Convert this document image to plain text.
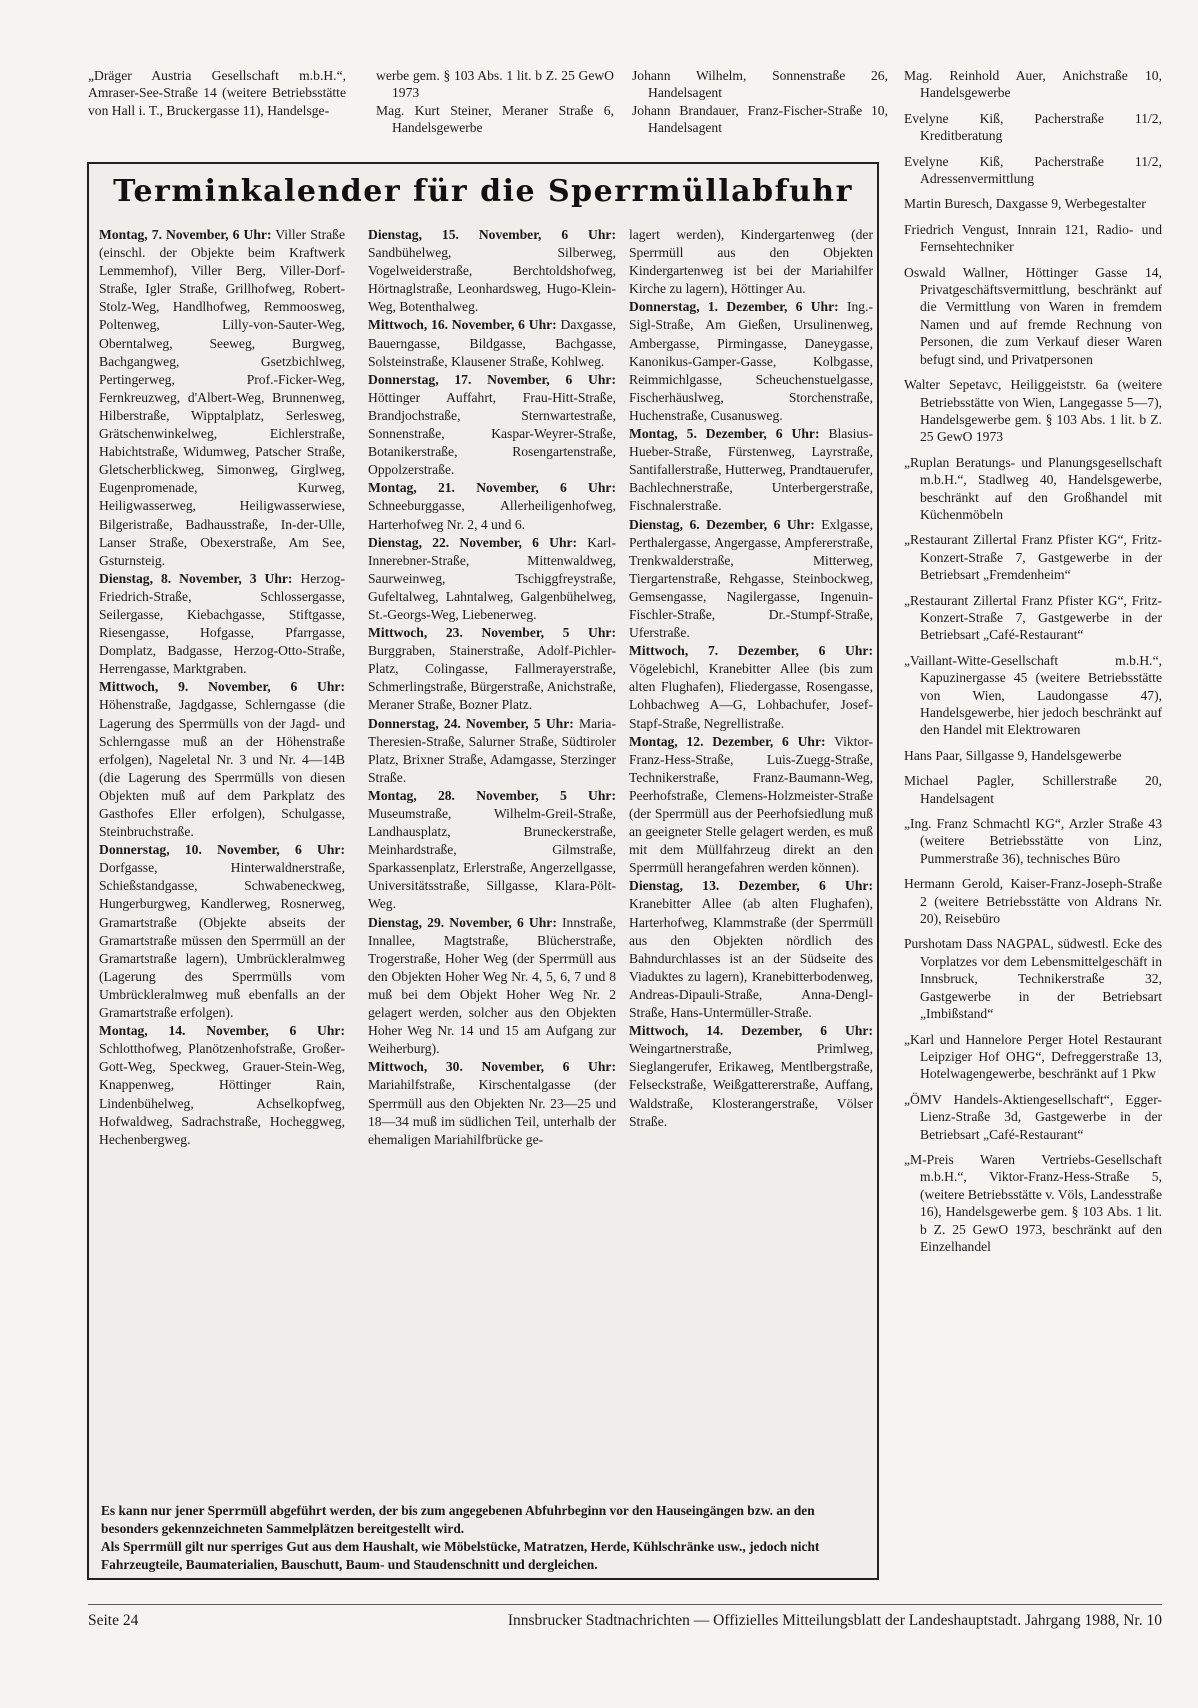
„Dräger Austria Gesellschaft m.b.H.“, Amraser-See-Straße 14 (weitere Betriebsstätte von Hall i. T., Bruckergasse 11), Handelsge-

werbe gem. § 103 Abs. 1 lit. b Z. 25 GewO 1973

Mag. Kurt Steiner, Meraner Straße 6, Handelsgewerbe

Johann Wilhelm, Sonnenstraße 26, Handelsagent

Johann Brandauer, Franz-Fischer-Straße 10, Handelsagent

Mag. Reinhold Auer, Anichstraße 10, Handelsgewerbe

Evelyne Kiß, Pacherstraße 11/2, Kreditberatung

Evelyne Kiß, Pacherstraße 11/2, Adressenvermittlung

Martin Buresch, Daxgasse 9, Werbegestalter

Friedrich Vengust, Innrain 121, Radio- und Fernsehtechniker

Oswald Wallner, Höttinger Gasse 14, Privatgeschäftsvermittlung, beschränkt auf die Vermittlung von Waren in fremdem Namen und auf fremde Rechnung von Personen, die zum Verkauf dieser Waren befugt sind, und Privatpersonen

Walter Sepetavc, Heiliggeiststr. 6a (weitere Betriebsstätte von Wien, Langegasse 5—7), Handelsgewerbe gem. § 103 Abs. 1 lit. b Z. 25 GewO 1973

„Ruplan Beratungs- und Planungsgesellschaft m.b.H.“, Stadlweg 40, Handelsgewerbe, beschränkt auf den Großhandel mit Küchenmöbeln

„Restaurant Zillertal Franz Pfister KG“, Fritz-Konzert-Straße 7, Gastgewerbe in der Betriebsart „Fremdenheim“

„Restaurant Zillertal Franz Pfister KG“, Fritz-Konzert-Straße 7, Gastgewerbe in der Betriebsart „Café-Restaurant“

„Vaillant-Witte-Gesellschaft m.b.H.“, Kapuzinergasse 45 (weitere Betriebsstätte von Wien, Laudongasse 47), Handelsgewerbe, hier jedoch beschränkt auf den Handel mit Elektrowaren

Hans Paar, Sillgasse 9, Handelsgewerbe

Michael Pagler, Schillerstraße 20, Handelsagent

„Ing. Franz Schmachtl KG“, Arzler Straße 43 (weitere Betriebsstätte von Linz, Pummerstraße 36), technisches Büro

Hermann Gerold, Kaiser-Franz-Joseph-Straße 2 (weitere Betriebsstätte von Aldrans Nr. 20), Reisebüro

Purshotam Dass NAGPAL, südwestl. Ecke des Vorplatzes vor dem Lebensmittelgeschäft in Innsbruck, Technikerstraße 32, Gastgewerbe in der Betriebsart „Imbißstand“

„Karl und Hannelore Perger Hotel Restaurant Leipziger Hof OHG“, Defreggerstraße 13, Hotelwagengewerbe, beschränkt auf 1 Pkw

„ÖMV Handels-Aktiengesellschaft“, Egger-Lienz-Straße 3d, Gastgewerbe in der Betriebsart „Café-Restaurant“

„M-Preis Waren Vertriebs-Gesellschaft m.b.H.“, Viktor-Franz-Hess-Straße 5, (weitere Betriebsstätte v. Völs, Landesstraße 16), Handelsgewerbe gem. § 103 Abs. 1 lit. b Z. 25 GewO 1973, beschränkt auf den Einzelhandel

Terminkalender für die Sperrmüllabfuhr

Montag, 7. November, 6 Uhr: Viller Straße (einschl. der Objekte beim Kraftwerk Lemmemhof), Viller Berg, Viller-Dorf-Straße, Igler Straße, Grillhofweg, Robert-Stolz-Weg, Handlhofweg, Remmoosweg, Poltenweg, Lilly-von-Sauter-Weg, Oberntalweg, Seeweg, Burgweg, Bachgangweg, Gsetzbichlweg, Pertingerweg, Prof.-Ficker-Weg, Fernkreuzweg, d'Albert-Weg, Brunnenweg, Hilberstraße, Wipptalplatz, Serlesweg, Grätschenwinkelweg, Eichlerstraße, Habichtstraße, Widumweg, Patscher Straße, Gletscherblickweg, Simonweg, Girglweg, Eugenpromenade, Kurweg, Heiligwasserweg, Heiligwasserwiese, Bilgeristraße, Badhausstraße, In-der-Ulle, Lanser Straße, Obexerstraße, Am See, Gsturnsteig.

Dienstag, 8. November, 3 Uhr: Herzog-Friedrich-Straße, Schlossergasse, Seilergasse, Kiebachgasse, Stiftgasse, Riesengasse, Hofgasse, Pfarrgasse, Domplatz, Badgasse, Herzog-Otto-Straße, Herrengasse, Marktgraben.

Mittwoch, 9. November, 6 Uhr: Höhenstraße, Jagdgasse, Schlerngasse (die Lagerung des Sperrmülls von der Jagd- und Schlerngasse muß an der Höhenstraße erfolgen), Nageletal Nr. 3 und Nr. 4—14B (die Lagerung des Sperrmülls von diesen Objekten muß auf dem Parkplatz des Gasthofes Eller erfolgen), Schulgasse, Steinbruchstraße.

Donnerstag, 10. November, 6 Uhr: Dorfgasse, Hinterwaldnerstraße, Schießstandgasse, Schwabeneckweg, Hungerburgweg, Kandlerweg, Rosnerweg, Gramartstraße (Objekte abseits der Gramartstraße müssen den Sperrmüll an der Gramartstraße lagern), Umbrückleralmweg (Lagerung des Sperrmülls vom Umbrückleralmweg muß ebenfalls an der Gramartstraße erfolgen).

Montag, 14. November, 6 Uhr: Schlotthofweg, Planötzenhofstraße, Großer-Gott-Weg, Speckweg, Grauer-Stein-Weg, Knappenweg, Höttinger Rain, Lindenbühelweg, Achselkopfweg, Hofwaldweg, Sadrachstraße, Hocheggweg, Hechenbergweg.

Dienstag, 15. November, 6 Uhr: Sandbühelweg, Silberweg, Vogelweiderstraße, Berchtoldshofweg, Hörtnaglstraße, Leonhardsweg, Hugo-Klein-Weg, Botenthalweg.

Mittwoch, 16. November, 6 Uhr: Daxgasse, Bauerngasse, Bildgasse, Bachgasse, Solsteinstraße, Klausener Straße, Kohlweg.

Donnerstag, 17. November, 6 Uhr: Höttinger Auffahrt, Frau-Hitt-Straße, Brandjochstraße, Sternwartestraße, Sonnenstraße, Kaspar-Weyrer-Straße, Botanikerstraße, Rosengartenstraße, Oppolzerstraße.

Montag, 21. November, 6 Uhr: Schneeburggasse, Allerheiligenhofweg, Harterhofweg Nr. 2, 4 und 6.

Dienstag, 22. November, 6 Uhr: Karl-Innerebner-Straße, Mittenwaldweg, Saurweinweg, Tschiggfreystraße, Gufeltalweg, Lahntalweg, Galgenbühelweg, St.-Georgs-Weg, Liebenerweg.

Mittwoch, 23. November, 5 Uhr: Burggraben, Stainerstraße, Adolf-Pichler-Platz, Colingasse, Fallmerayerstraße, Schmerlingstraße, Bürgerstraße, Anichstraße, Meraner Straße, Bozner Platz.

Donnerstag, 24. November, 5 Uhr: Maria-Theresien-Straße, Salurner Straße, Südtiroler Platz, Brixner Straße, Adamgasse, Sterzinger Straße.

Montag, 28. November, 5 Uhr: Museumstraße, Wilhelm-Greil-Straße, Landhausplatz, Bruneckerstraße, Meinhardstraße, Gilmstraße, Sparkassenplatz, Erlerstraße, Angerzellgasse, Universitätsstraße, Sillgasse, Klara-Pölt-Weg.

Dienstag, 29. November, 6 Uhr: Innstraße, Innallee, Magtstraße, Blücherstraße, Trogerstraße, Hoher Weg (der Sperrmüll aus den Objekten Hoher Weg Nr. 4, 5, 6, 7 und 8 muß bei dem Objekt Hoher Weg Nr. 2 gelagert werden, solcher aus den Objekten Hoher Weg Nr. 14 und 15 am Aufgang zur Weiherburg).

Mittwoch, 30. November, 6 Uhr: Mariahilfstraße, Kirschentalgasse (der Sperrmüll aus den Objekten Nr. 23—25 und 18—34 muß im südlichen Teil, unterhalb der ehemaligen Mariahilfbrücke ge-

lagert werden), Kindergartenweg (der Sperrmüll aus den Objekten Kindergartenweg ist bei der Mariahilfer Kirche zu lagern), Höttinger Au.

Donnerstag, 1. Dezember, 6 Uhr: Ing.-Sigl-Straße, Am Gießen, Ursulinenweg, Ambergasse, Pirmingasse, Daneygasse, Kanonikus-Gamper-Gasse, Kolbgasse, Reimmichlgasse, Scheuchenstuelgasse, Fischerhäuslweg, Storchenstraße, Huchenstraße, Cusanusweg.

Montag, 5. Dezember, 6 Uhr: Blasius-Hueber-Straße, Fürstenweg, Layrstraße, Santifallerstraße, Hutterweg, Prandtauerufer, Bachlechnerstraße, Unterbergerstraße, Fischnalerstraße.

Dienstag, 6. Dezember, 6 Uhr: Exlgasse, Perthalergasse, Angergasse, Ampfererstraße, Trenkwalderstraße, Mitterweg, Tiergartenstraße, Rehgasse, Steinbockweg, Gemsengasse, Nagilergasse, Ingenuin-Fischler-Straße, Dr.-Stumpf-Straße, Uferstraße.

Mittwoch, 7. Dezember, 6 Uhr: Vögelebichl, Kranebitter Allee (bis zum alten Flughafen), Fliedergasse, Rosengasse, Lohbachweg A—G, Lohbachufer, Josef-Stapf-Straße, Negrellistraße.

Montag, 12. Dezember, 6 Uhr: Viktor-Franz-Hess-Straße, Luis-Zuegg-Straße, Technikerstraße, Franz-Baumann-Weg, Peerhofstraße, Clemens-Holzmeister-Straße (der Sperrmüll aus der Peerhofsiedlung muß an geeigneter Stelle gelagert werden, es muß mit dem Müllfahrzeug direkt an den Sperrmüll herangefahren werden können).

Dienstag, 13. Dezember, 6 Uhr: Kranebitter Allee (ab alten Flughafen), Harterhofweg, Klammstraße (der Sperrmüll aus den Objekten nördlich des Bahndurchlasses ist an der Südseite des Viaduktes zu lagern), Kranebitterbodenweg, Andreas-Dipauli-Straße, Anna-Dengl-Straße, Hans-Untermüller-Straße.

Mittwoch, 14. Dezember, 6 Uhr: Weingartnerstraße, Primlweg, Sieglangerufer, Erikaweg, Mentlbergstraße, Felseckstraße, Weißgattererstraße, Auffang, Waldstraße, Klosterangerstraße, Völser Straße.

Es kann nur jener Sperrmüll abgeführt werden, der bis zum angegebenen Abfuhrbeginn vor den Hauseingängen bzw. an den besonders gekennzeichneten Sammelplätzen bereitgestellt wird.

Als Sperrmüll gilt nur sperriges Gut aus dem Haushalt, wie Möbelstücke, Matratzen, Herde, Kühlschränke usw., jedoch nicht Fahrzeugteile, Baumaterialien, Bauschutt, Baum- und Staudenschnitt und dergleichen.

Seite 24	Innsbrucker Stadtnachrichten — Offizielles Mitteilungsblatt der Landeshauptstadt. Jahrgang 1988, Nr. 10
